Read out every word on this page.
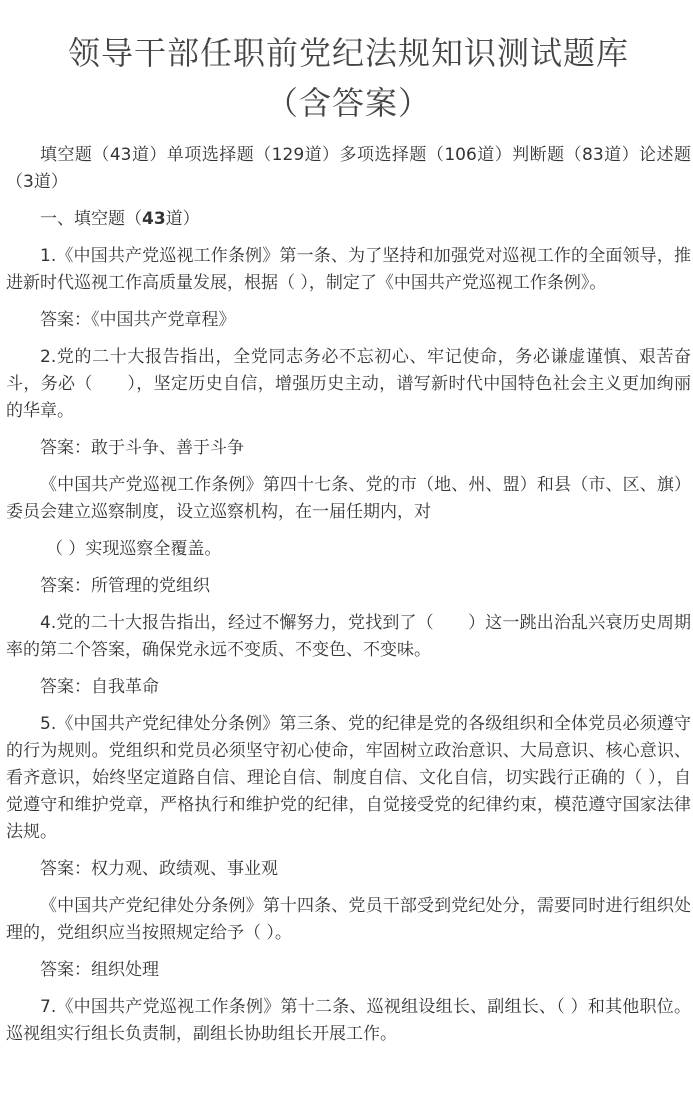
领导干部任职前党纪法规知识测试题库
（含答案）

填空题（43道）单项选择题（129道）多项选择题（106道）判断题（83道）论述题（3道）

一、填空题（43道）

1.《中国共产党巡视工作条例》第一条、为了坚持和加强党对巡视工作的全面领导，推进新时代巡视工作高质量发展，根据（ ），制定了《中国共产党巡视工作条例》。

答案：《中国共产党章程》

2.党的二十大报告指出，全党同志务必不忘初心、牢记使命，务必谦虚谨慎、艰苦奋斗，务必（　　），坚定历史自信，增强历史主动，谱写新时代中国特色社会主义更加绚丽的华章。

答案：敢于斗争、善于斗争

《中国共产党巡视工作条例》第四十七条、党的市（地、州、盟）和县（市、区、旗）委员会建立巡察制度，设立巡察机构，在一届任期内，对

（ ）实现巡察全覆盖。

答案：所管理的党组织

4.党的二十大报告指出，经过不懈努力，党找到了（　　）这一跳出治乱兴衰历史周期率的第二个答案，确保党永远不变质、不变色、不变味。

答案：自我革命

5.《中国共产党纪律处分条例》第三条、党的纪律是党的各级组织和全体党员必须遵守的行为规则。党组织和党员必须坚守初心使命，牢固树立政治意识、大局意识、核心意识、看齐意识，始终坚定道路自信、理论自信、制度自信、文化自信，切实践行正确的（ ），自觉遵守和维护党章，严格执行和维护党的纪律，自觉接受党的纪律约束，模范遵守国家法律法规。

答案：权力观、政绩观、事业观

《中国共产党纪律处分条例》第十四条、党员干部受到党纪处分，需要同时进行组织处理的，党组织应当按照规定给予（ ）。

答案：组织处理

7.《中国共产党巡视工作条例》第十二条、巡视组设组长、副组长、（ ）和其他职位。巡视组实行组长负责制，副组长协助组长开展工作。
